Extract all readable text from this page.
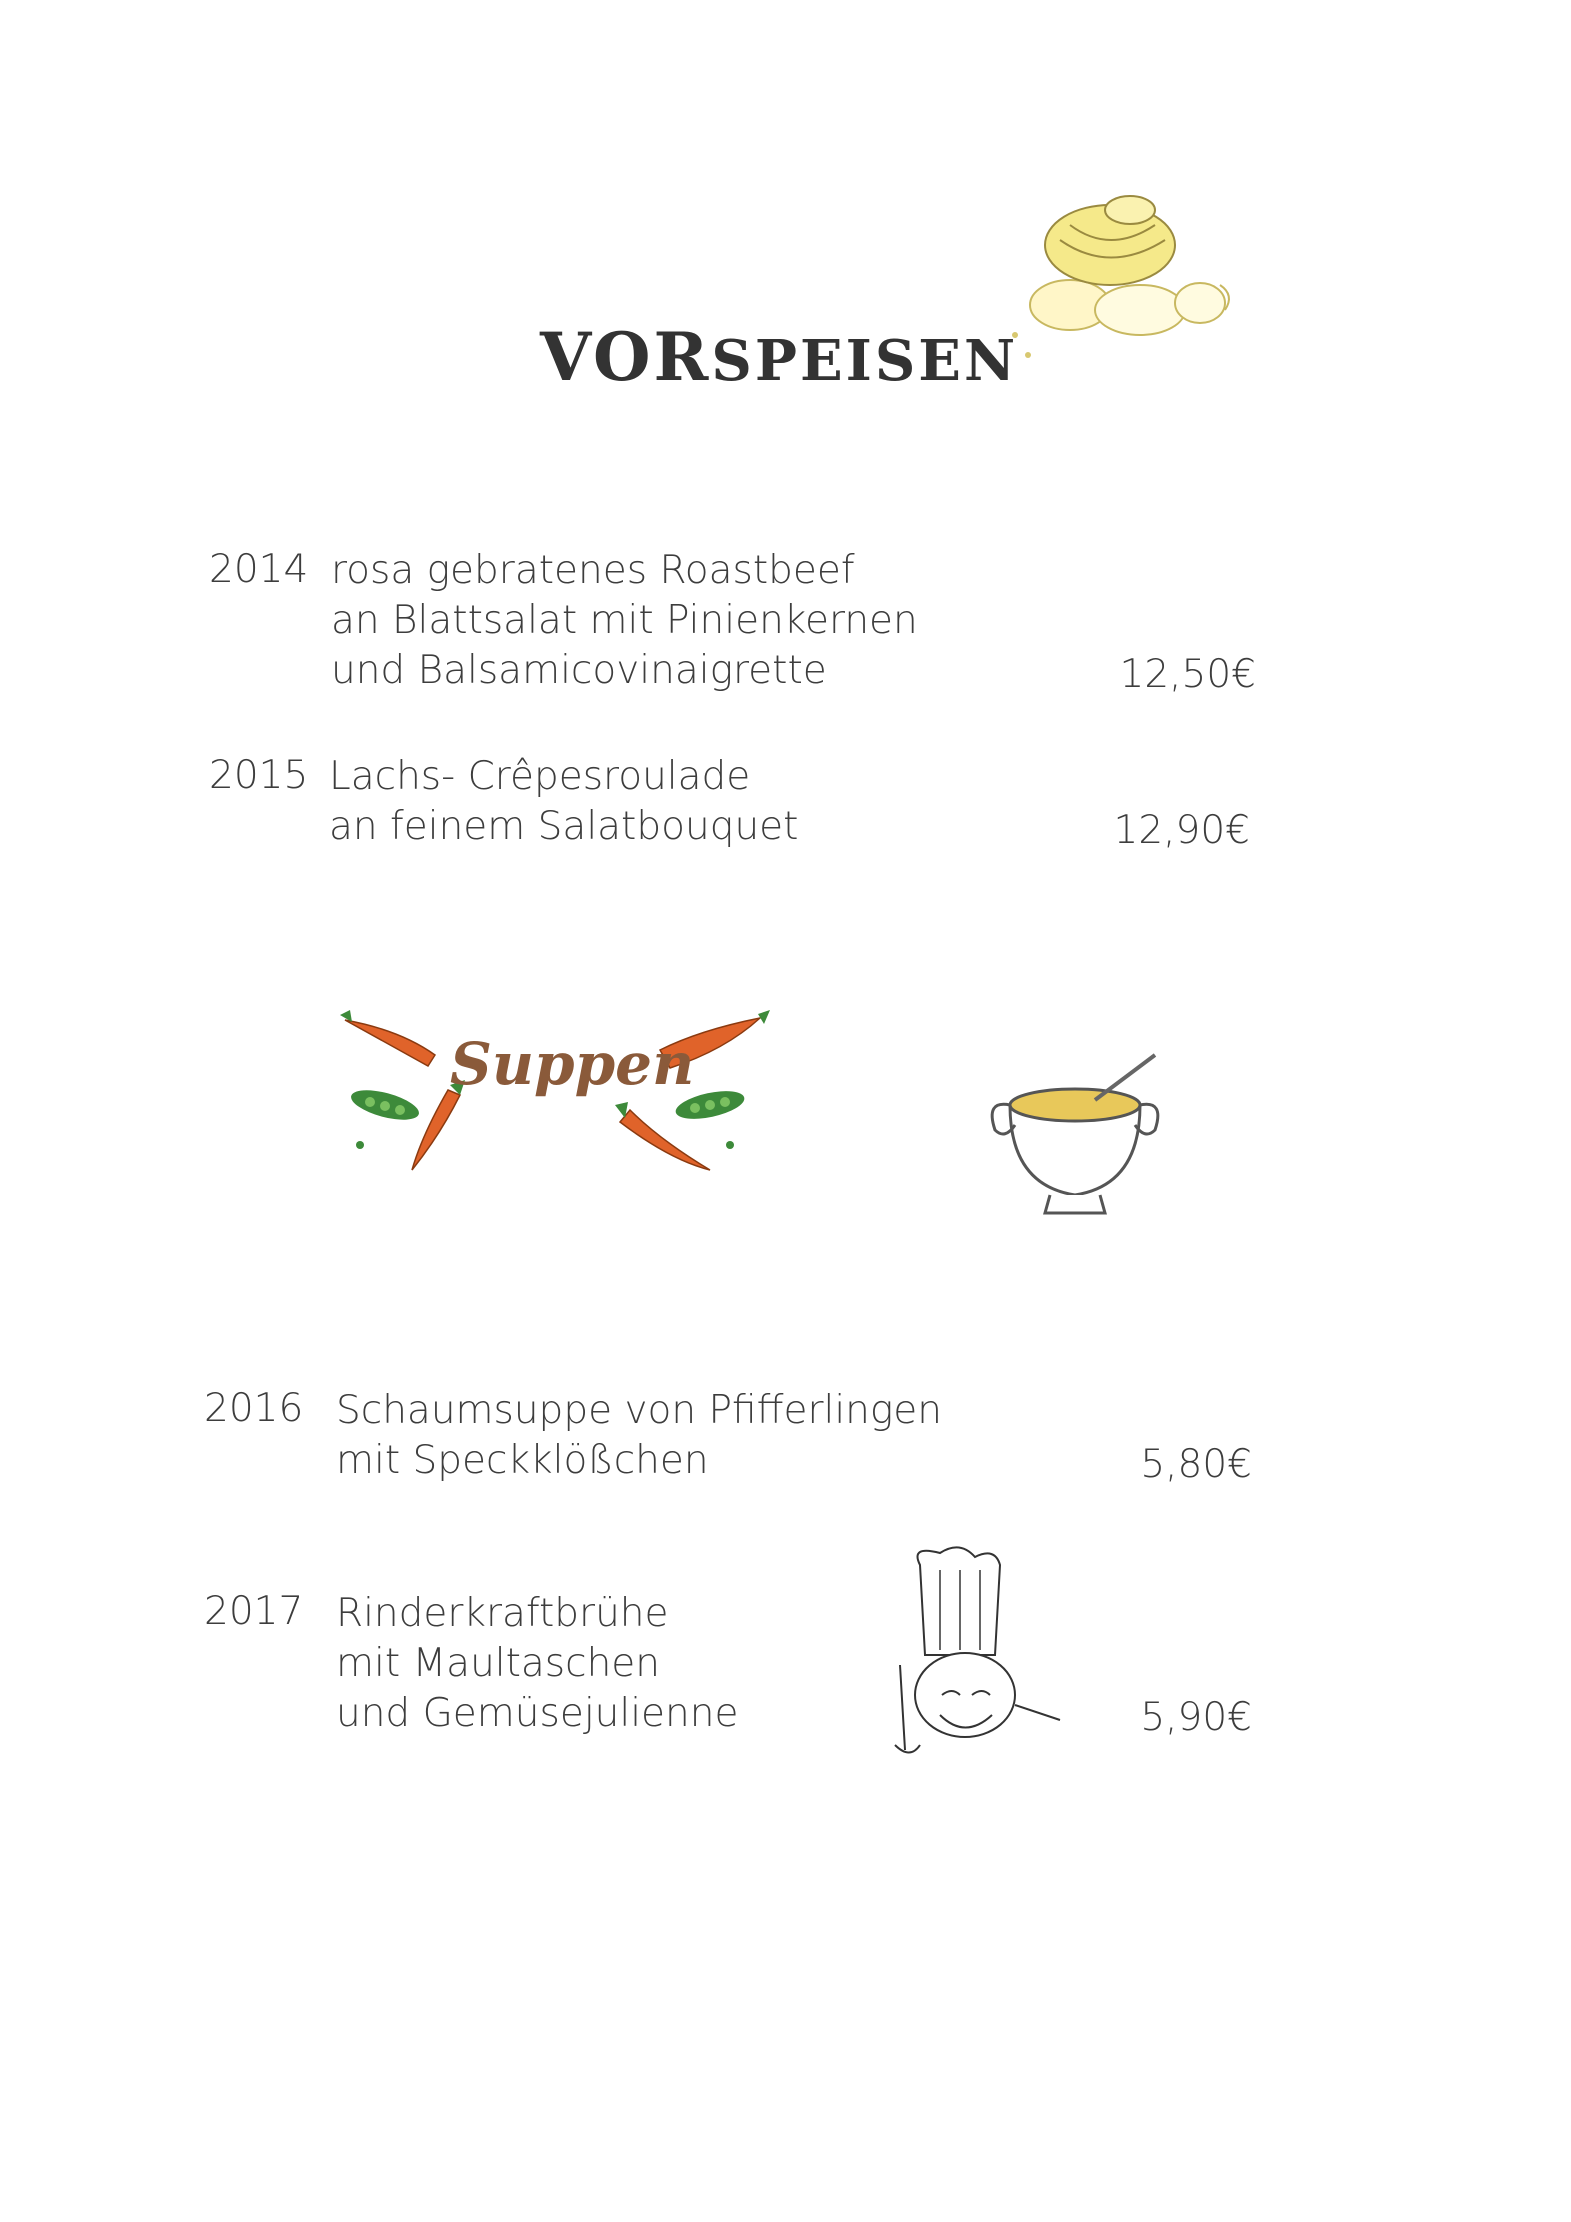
VORSPEISEN
2014 rosa gebratenes Roastbeef
an Blattsalat mit Pinienkernen
und Balsamicovinaigrette	12,50€
2015 Lachs- Crêpesroulade
an feinem Salatbouquet	12,90€
Suppen
2016 Schaumsuppe von Pfifferlingen
mit Speckklößchen	5,80€
2017 Rinderkraftbrühe
mit Maultaschen
und Gemüsejulienne	5,90€
